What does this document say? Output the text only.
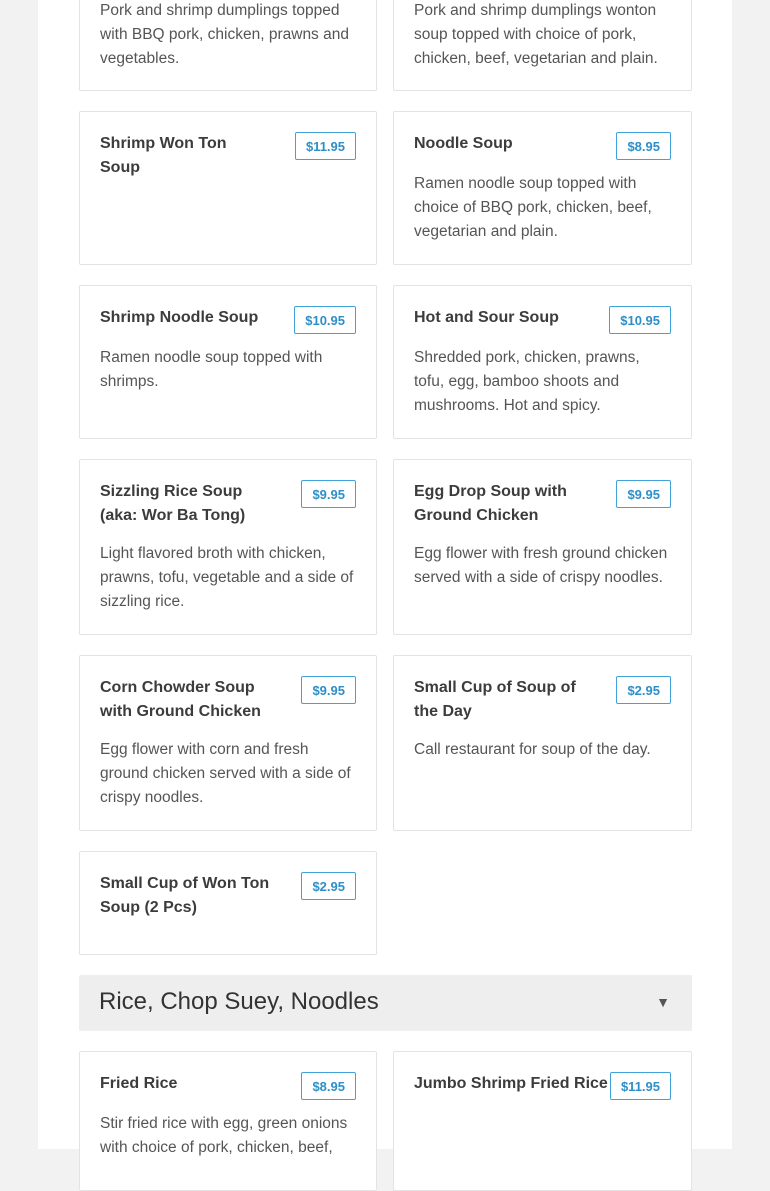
Pork and shrimp dumplings topped with BBQ pork, chicken, prawns and vegetables.
Pork and shrimp dumplings wonton soup topped with choice of pork, chicken, beef, vegetarian and plain.
Shrimp Won Ton Soup
$11.95	Noodle Soup	$8.95
Ramen noodle soup topped with choice of BBQ pork, chicken, beef, vegetarian and plain.
Shrimp Noodle Soup	$10.95
Ramen noodle soup topped with shrimps.
Hot and Sour Soup	$10.95
Shredded pork, chicken, prawns, tofu, egg, bamboo shoots and mushrooms. Hot and spicy.
Sizzling Rice Soup (aka: Wor Ba Tong)
$9.95
Light flavored broth with chicken, prawns, tofu, vegetable and a side of sizzling rice.
Egg Drop Soup with Ground Chicken
$9.95
Egg flower with fresh ground chicken served with a side of crispy noodles.
Corn Chowder Soup with Ground Chicken
$9.95
Egg flower with corn and fresh ground chicken served with a side of crispy noodles.
Small Cup of Soup of the Day
$2.95
Call restaurant for soup of the day.
Small Cup of Won Ton Soup (2 Pcs)
$2.95
Rice, Chop Suey, Noodles	▼
Fried Rice	$8.95
Stir fried rice with egg, green onions with choice of pork, chicken, beef,
Jumbo Shrimp Fried Rice	$11.95
